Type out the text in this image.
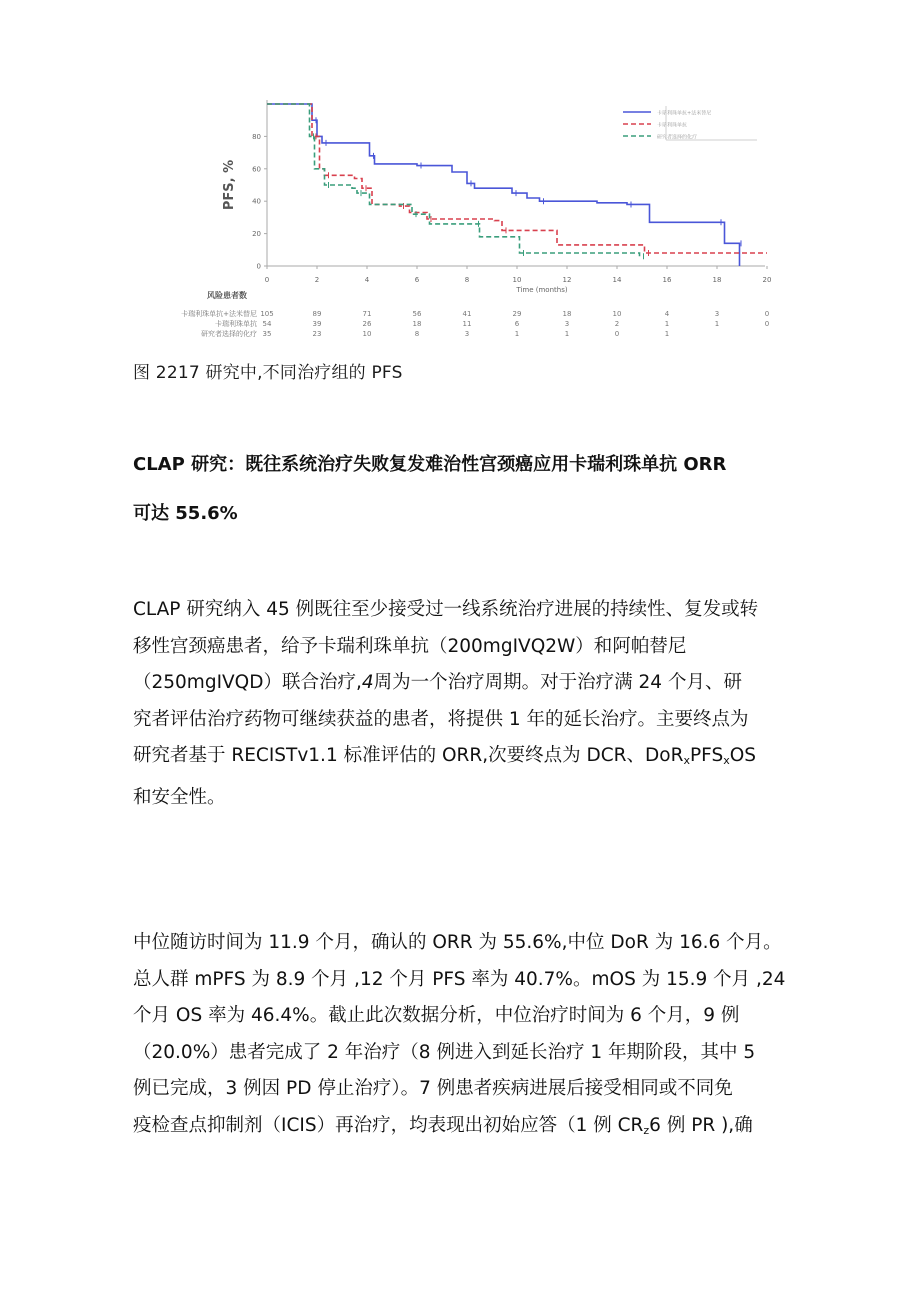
0
20
40
60
80
0	2	4	6	8	10	12	14	16	18	20
PFS, %
Time (months)
卡瑞利珠单抗+法米替尼
卡瑞利珠单抗
研究者选择的化疗
风险患者数
卡瑞利珠单抗+法米替尼 105	89	71	56	41	29	18	10	4	3	0
卡瑞利珠单抗 54	39	26	18	11	6	3	2	1	1	0
研究者选择的化疗 35	23	10	8	3	1	1	0	1
图 2217 研究中,不同治疗组的 PFS
CLAP 研究：既往系统治疗失败复发难治性宫颈癌应用卡瑞利珠单抗 ORR
可达 55.6%

CLAP 研究纳入 45 例既往至少接受过一线系统治疗进展的持续性、复发或转

移性宫颈癌患者，给予卡瑞利珠单抗（200mgIVQ2W）和阿帕替尼

（250mgIVQD）联合治疗,4周为一个治疗周期。对于治疗满 24 个月、研

究者评估治疗药物可继续获益的患者，将提供 1 年的延长治疗。主要终点为

研究者基于 RECISTv1.1 标准评估的 ORR,次要终点为 DCR、$DoR_xPFS_xOS$

和安全性。

中位随访时间为 11.9 个月，确认的 ORR 为 55.6%,中位 DoR 为 16.6 个月。

总人群 mPFS 为 8.9 个月 ,12 个月 PFS 率为 40.7%。mOS 为 15.9 个月 ,24

个月 OS 率为 46.4%。截止此次数据分析，中位治疗时间为 6 个月，9 例

（20.0%）患者完成了 2 年治疗（8 例进入到延长治疗 1 年期阶段，其中 5

例已完成，3 例因 PD 停止治疗）。7 例患者疾病进展后接受相同或不同免

疫检查点抑制剂（ICIS）再治疗，均表现出初始应答（1 例 $CR_z6$ 例 PR ),确
